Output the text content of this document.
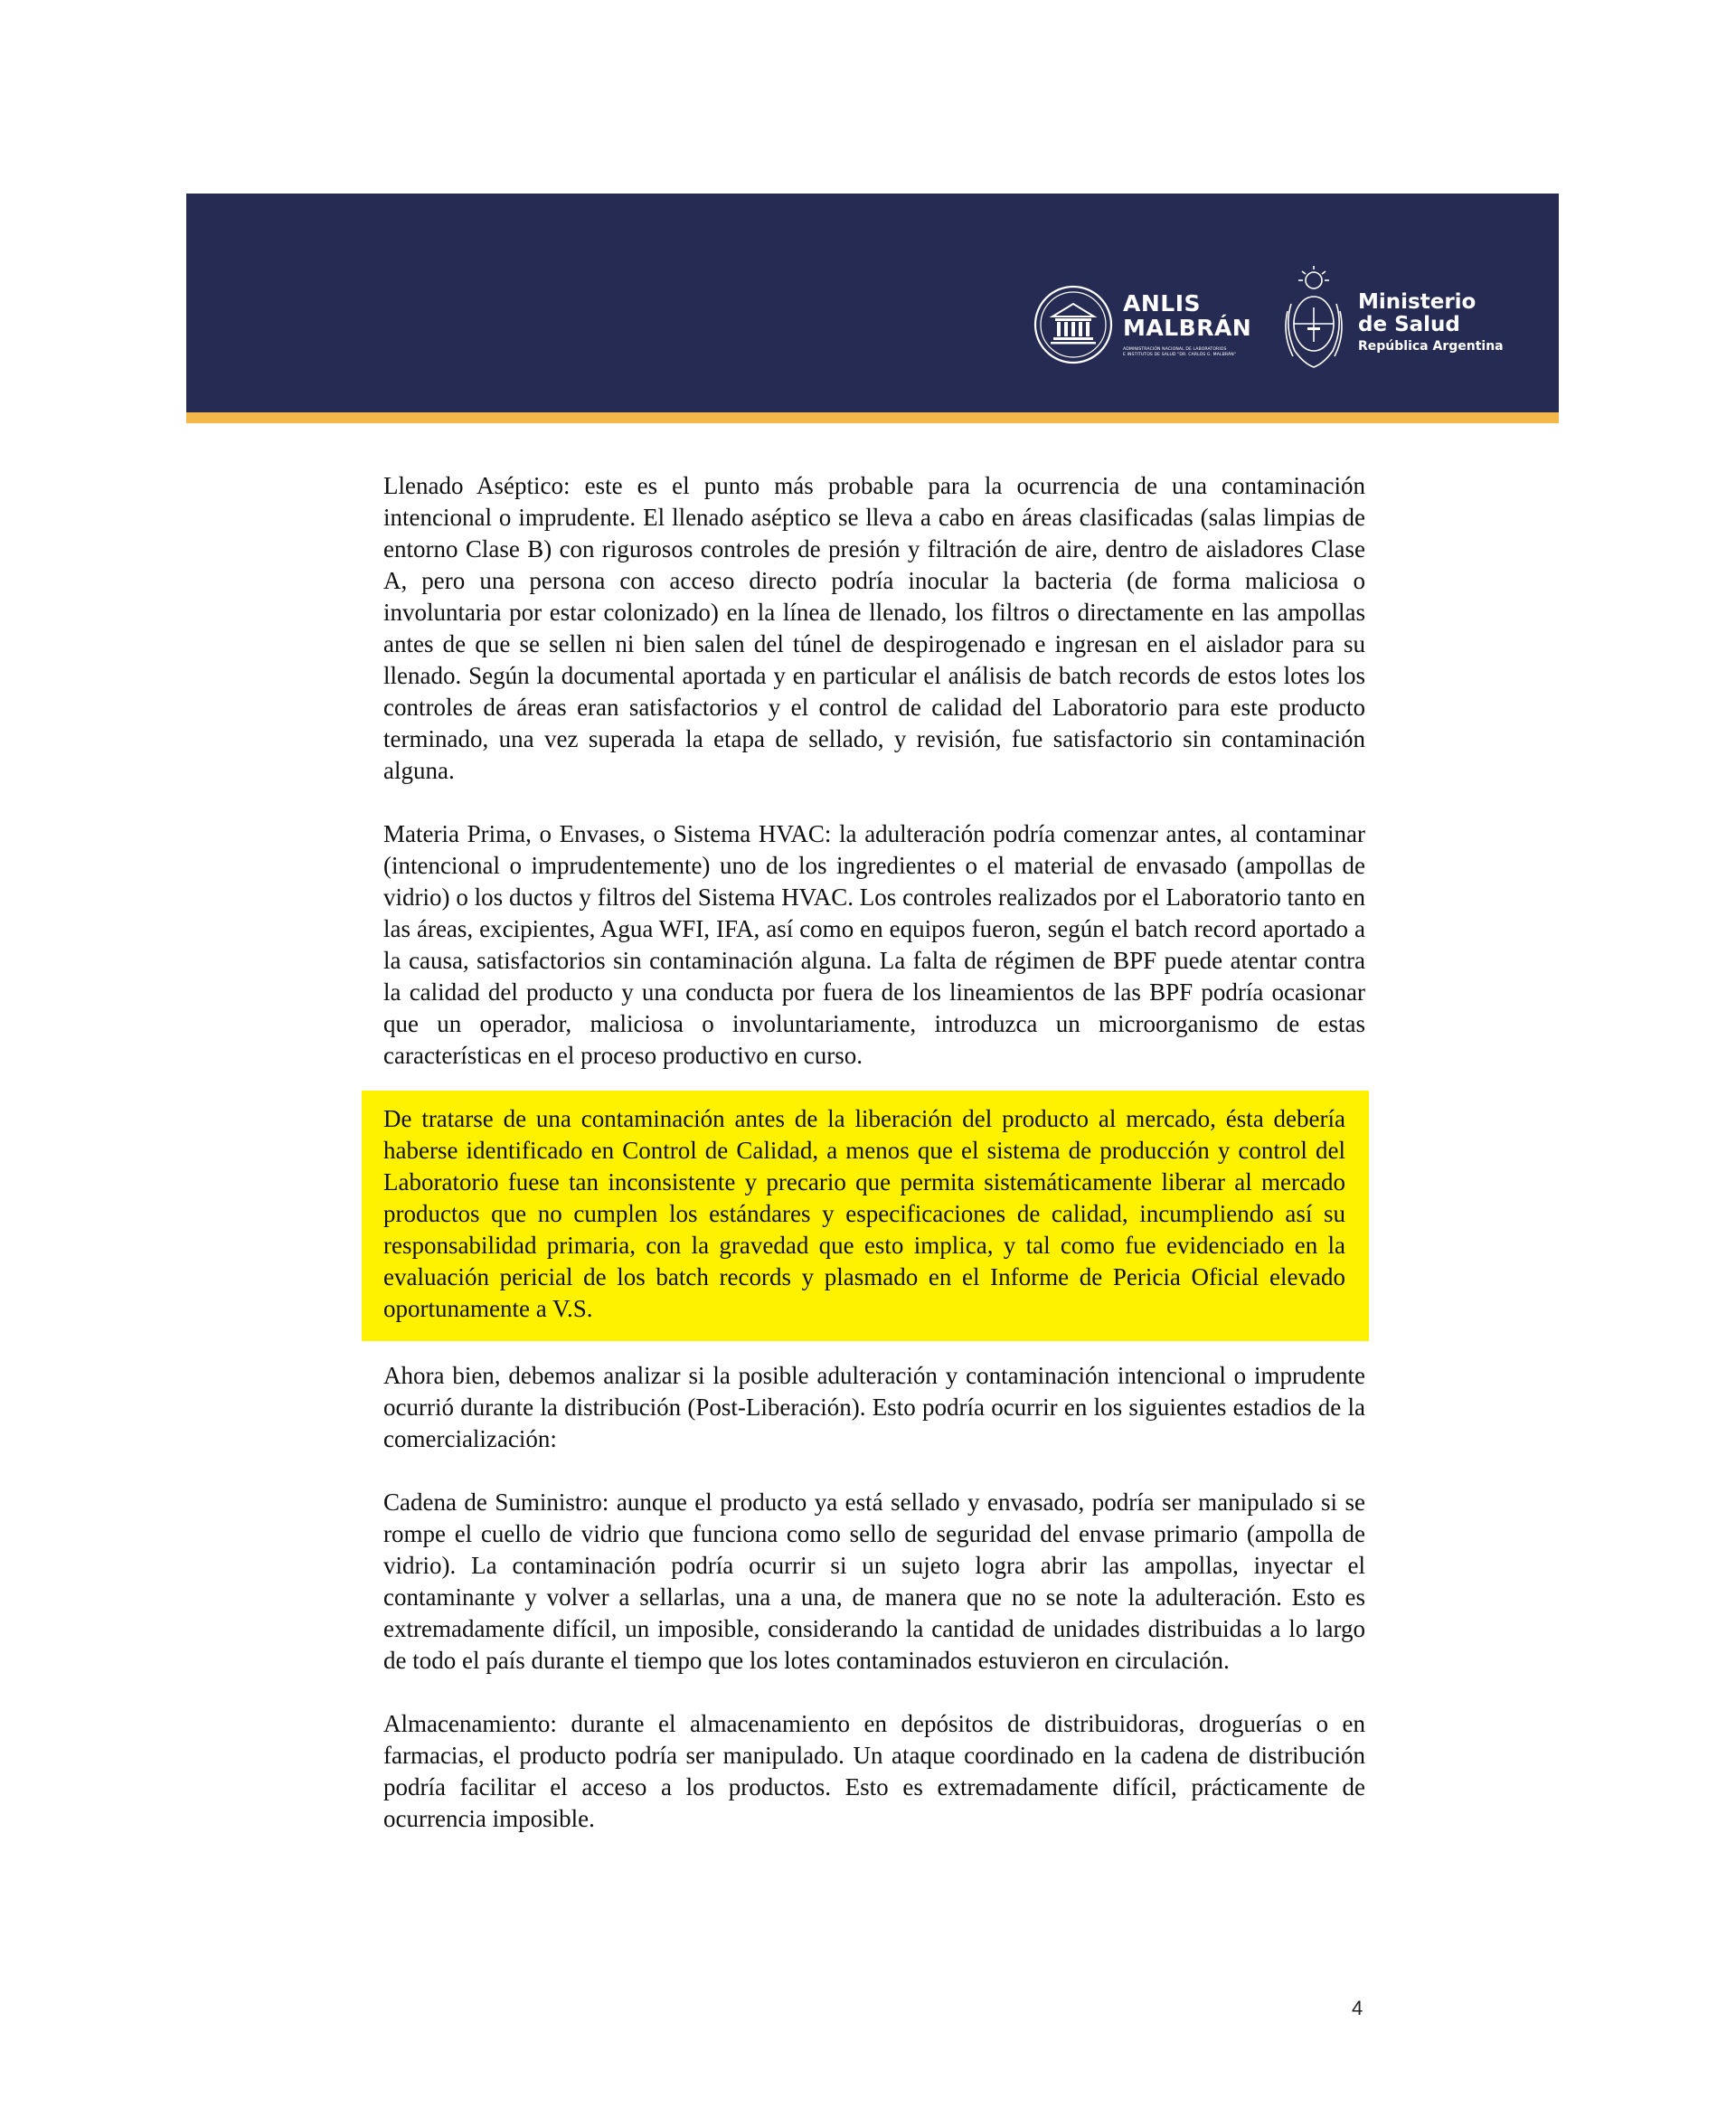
ANLIS
MALBRÁN
ADMINISTRACIÓN NACIONAL DE LABORATORIOS
E INSTITUTOS DE SALUD "DR. CARLOS G. MALBRÁN"
Ministerio
de Salud
República Argentina

Llenado Aséptico: este es el punto más probable para la ocurrencia de una contaminación intencional o imprudente. El llenado aséptico se lleva a cabo en áreas clasificadas (salas limpias de entorno Clase B) con rigurosos controles de presión y filtración de aire, dentro de aisladores Clase A, pero una persona con acceso directo podría inocular la bacteria (de forma maliciosa o involuntaria por estar colonizado) en la línea de llenado, los filtros o directamente en las ampollas antes de que se sellen ni bien salen del túnel de despirogenado e ingresan en el aislador para su llenado. Según la documental aportada y en particular el análisis de batch records de estos lotes los controles de áreas eran satisfactorios y el control de calidad del Laboratorio para este producto terminado, una vez superada la etapa de sellado, y revisión, fue satisfactorio sin contaminación alguna.

Materia Prima, o Envases, o Sistema HVAC: la adulteración podría comenzar antes, al contaminar (intencional o imprudentemente) uno de los ingredientes o el material de envasado (ampollas de vidrio) o los ductos y filtros del Sistema HVAC. Los controles realizados por el Laboratorio tanto en las áreas, excipientes, Agua WFI, IFA, así como en equipos fueron, según el batch record aportado a la causa, satisfactorios sin contaminación alguna. La falta de régimen de BPF puede atentar contra la calidad del producto y una conducta por fuera de los lineamientos de las BPF podría ocasionar que un operador, maliciosa o involuntariamente, introduzca un microorganismo de estas características en el proceso productivo en curso.

De tratarse de una contaminación antes de la liberación del producto al mercado, ésta debería haberse identificado en Control de Calidad, a menos que el sistema de producción y control del Laboratorio fuese tan inconsistente y precario que permita sistemáticamente liberar al mercado productos que no cumplen los estándares y especificaciones de calidad, incumpliendo así su responsabilidad primaria, con la gravedad que esto implica, y tal como fue evidenciado en la evaluación pericial de los batch records y plasmado en el Informe de Pericia Oficial elevado oportunamente a V.S.

Ahora bien, debemos analizar si la posible adulteración y contaminación intencional o imprudente ocurrió durante la distribución (Post-Liberación). Esto podría ocurrir en los siguientes estadios de la comercialización:

Cadena de Suministro: aunque el producto ya está sellado y envasado, podría ser manipulado si se rompe el cuello de vidrio que funciona como sello de seguridad del envase primario (ampolla de vidrio). La contaminación podría ocurrir si un sujeto logra abrir las ampollas, inyectar el contaminante y volver a sellarlas, una a una, de manera que no se note la adulteración. Esto es extremadamente difícil, un imposible, considerando la cantidad de unidades distribuidas a lo largo de todo el país durante el tiempo que los lotes contaminados estuvieron en circulación.

Almacenamiento: durante el almacenamiento en depósitos de distribuidoras, droguerías o en farmacias, el producto podría ser manipulado. Un ataque coordinado en la cadena de distribución podría facilitar el acceso a los productos. Esto es extremadamente difícil, prácticamente de ocurrencia imposible.

4
